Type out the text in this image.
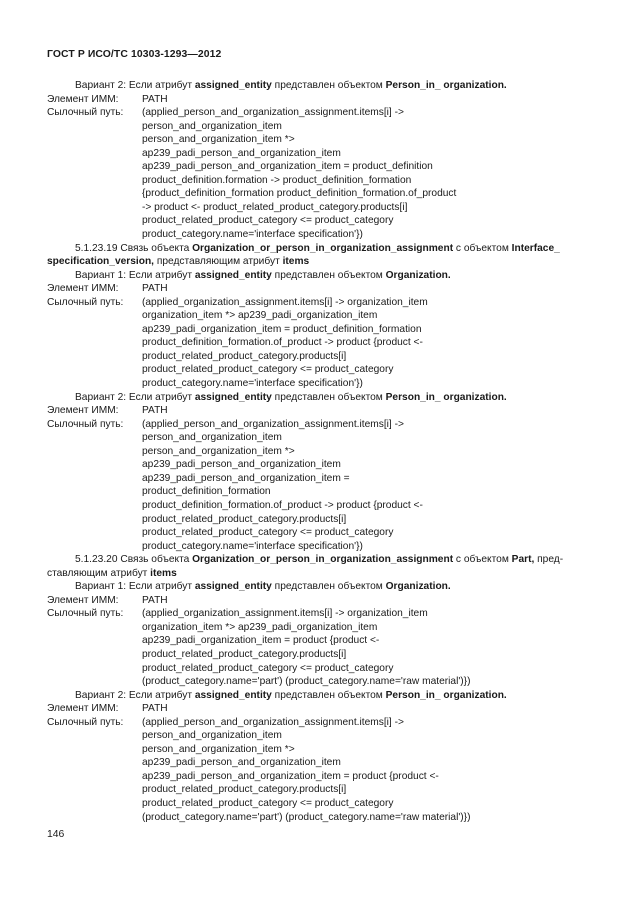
ГОСТ Р ИСО/ТС 10303-1293—2012
Вариант 2: Если атрибут assigned_entity представлен объектом Person_in_ organization.
Элемент ИММ:	PATH
Сылочный путь:	(applied_person_and_organization_assignment.items[i] ->
person_and_organization_item
person_and_organization_item *>
ap239_padi_person_and_organization_item
ap239_padi_person_and_organization_item = product_definition
product_definition.formation -> product_definition_formation
{product_definition_formation product_definition_formation.of_product
-> product <- product_related_product_category.products[i]
product_related_product_category <= product_category
product_category.name='interface specification'})
5.1.23.19 Связь объекта Organization_or_person_in_organization_assignment с объектом Interface_ specification_version, представляющим атрибут items
Вариант 1: Если атрибут assigned_entity представлен объектом Organization.
Элемент ИММ:	PATH
Сылочный путь:	(applied_organization_assignment.items[i] -> organization_item
organization_item *> ap239_padi_organization_item
ap239_padi_organization_item = product_definition_formation
product_definition_formation.of_product -> product {product <-
product_related_product_category.products[i]
product_related_product_category <= product_category
product_category.name='interface specification'})
Вариант 2: Если атрибут assigned_entity представлен объектом Person_in_ organization.
Элемент ИММ:	PATH
Сылочный путь:	(applied_person_and_organization_assignment.items[i] ->
person_and_organization_item
person_and_organization_item *>
ap239_padi_person_and_organization_item
ap239_padi_person_and_organization_item =
product_definition_formation
product_definition_formation.of_product -> product {product <-
product_related_product_category.products[i]
product_related_product_category <= product_category
product_category.name='interface specification'})
5.1.23.20 Связь объекта Organization_or_person_in_organization_assignment с объектом Part, пред-ставляющим атрибут items
Вариант 1: Если атрибут assigned_entity представлен объектом Organization.
Элемент ИММ:	PATH
Сылочный путь:	(applied_organization_assignment.items[i] -> organization_item
organization_item *> ap239_padi_organization_item
ap239_padi_organization_item = product {product <-
product_related_product_category.products[i]
product_related_product_category <= product_category
(product_category.name='part') (product_category.name='raw material')})
Вариант 2: Если атрибут assigned_entity представлен объектом Person_in_ organization.
Элемент ИММ:	PATH
Сылочный путь:	(applied_person_and_organization_assignment.items[i] ->
person_and_organization_item
person_and_organization_item *>
ap239_padi_person_and_organization_item
ap239_padi_person_and_organization_item = product {product <-
product_related_product_category.products[i]
product_related_product_category <= product_category
(product_category.name='part') (product_category.name='raw material')})
146
